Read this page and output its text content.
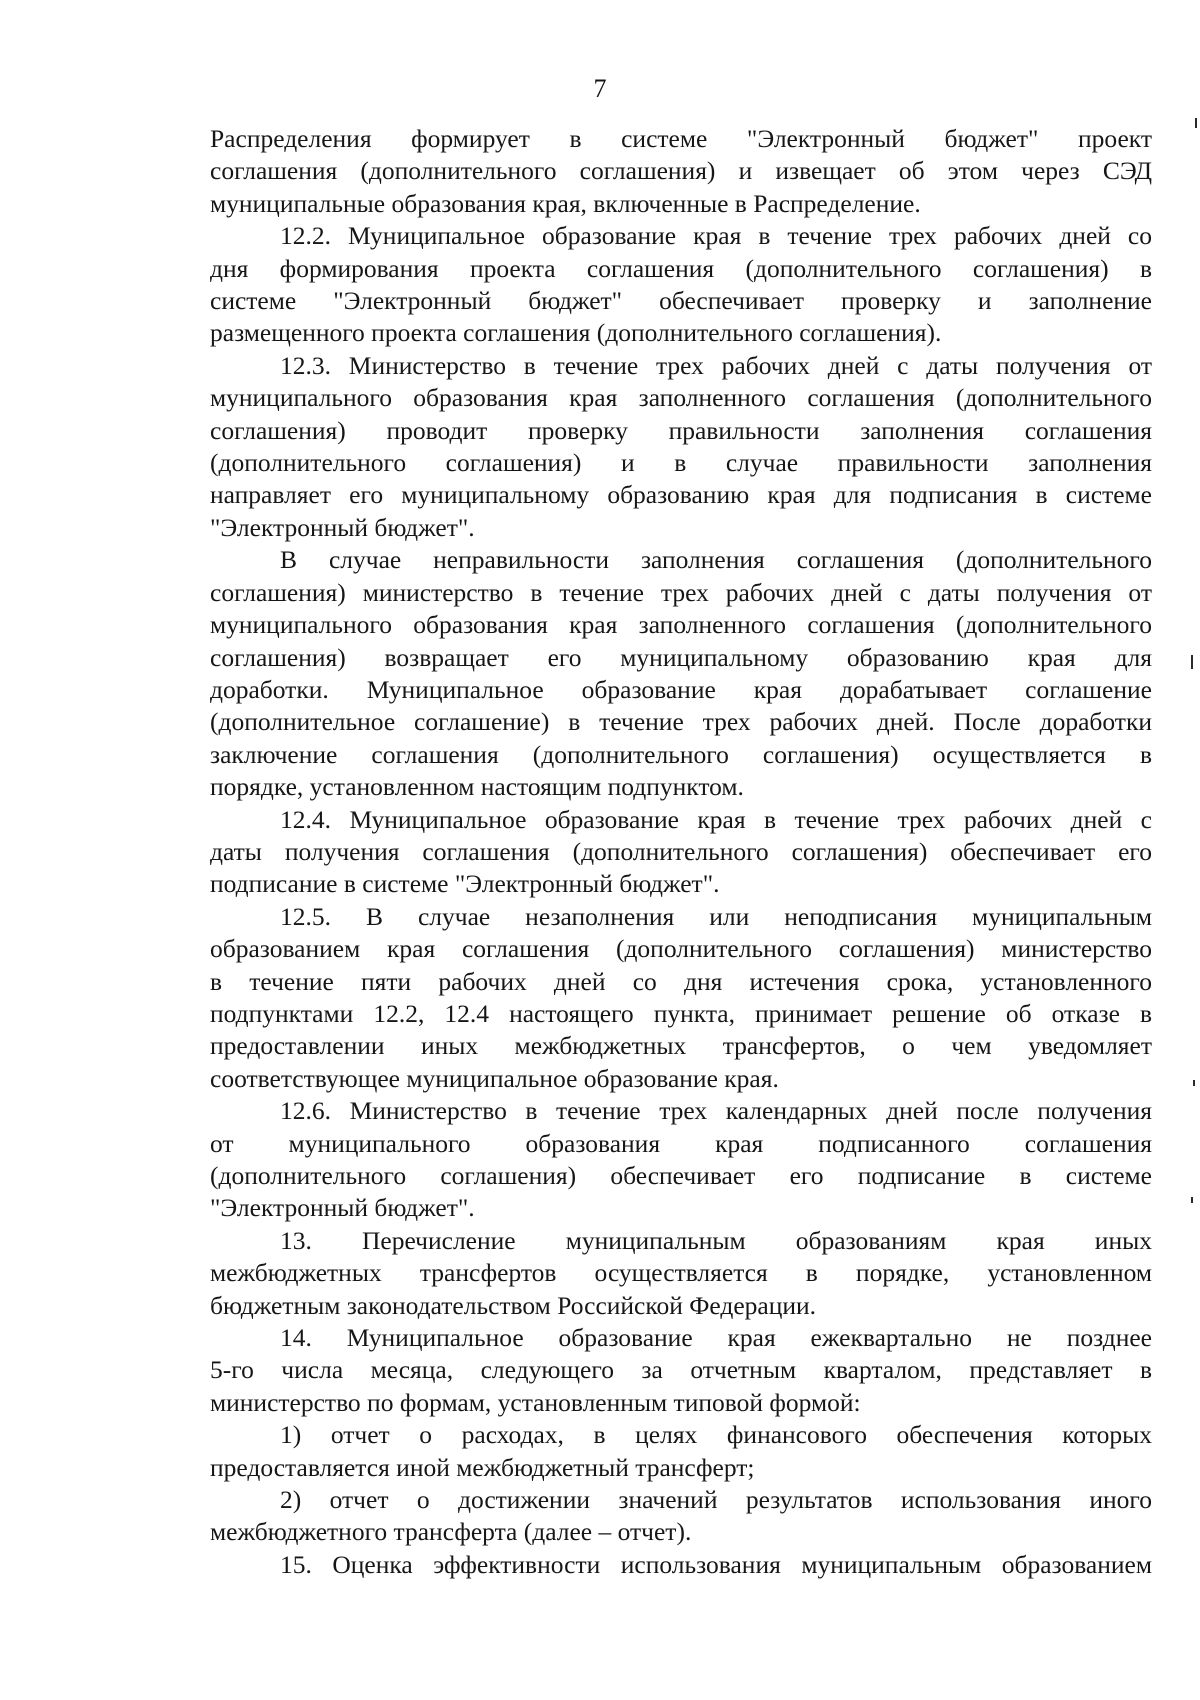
7

Распределения формирует в системе "Электронный бюджет" проект
соглашения (дополнительного соглашения) и извещает об этом через СЭД
муниципальные образования края, включенные в Распределение.

12.2. Муниципальное образование края в течение трех рабочих дней со
дня формирования проекта соглашения (дополнительного соглашения) в
системе "Электронный бюджет" обеспечивает проверку и заполнение
размещенного проекта соглашения (дополнительного соглашения).

12.3. Министерство в течение трех рабочих дней с даты получения от
муниципального образования края заполненного соглашения (дополнительного
соглашения) проводит проверку правильности заполнения соглашения
(дополнительного соглашения) и в случае правильности заполнения
направляет его муниципальному образованию края для подписания в системе
"Электронный бюджет".

В случае неправильности заполнения соглашения (дополнительного
соглашения) министерство в течение трех рабочих дней с даты получения от
муниципального образования края заполненного соглашения (дополнительного
соглашения) возвращает его муниципальному образованию края для
доработки. Муниципальное образование края дорабатывает соглашение
(дополнительное соглашение) в течение трех рабочих дней. После доработки
заключение соглашения (дополнительного соглашения) осуществляется в
порядке, установленном настоящим подпунктом.

12.4. Муниципальное образование края в течение трех рабочих дней с
даты получения соглашения (дополнительного соглашения) обеспечивает его
подписание в системе "Электронный бюджет".

12.5. В случае незаполнения или неподписания муниципальным
образованием края соглашения (дополнительного соглашения) министерство
в течение пяти рабочих дней со дня истечения срока, установленного
подпунктами 12.2, 12.4 настоящего пункта, принимает решение об отказе в
предоставлении иных межбюджетных трансфертов, о чем уведомляет
соответствующее муниципальное образование края.

12.6. Министерство в течение трех календарных дней после получения
от муниципального образования края подписанного соглашения
(дополнительного соглашения) обеспечивает его подписание в системе
"Электронный бюджет".

13. Перечисление муниципальным образованиям края иных
межбюджетных трансфертов осуществляется в порядке, установленном
бюджетным законодательством Российской Федерации.

14. Муниципальное образование края ежеквартально не позднее
5-го числа месяца, следующего за отчетным кварталом, представляет в
министерство по формам, установленным типовой формой:

1) отчет о расходах, в целях финансового обеспечения которых
предоставляется иной межбюджетный трансферт;

2) отчет о достижении значений результатов использования иного
межбюджетного трансферта (далее – отчет).

15. Оценка эффективности использования муниципальным образованием
